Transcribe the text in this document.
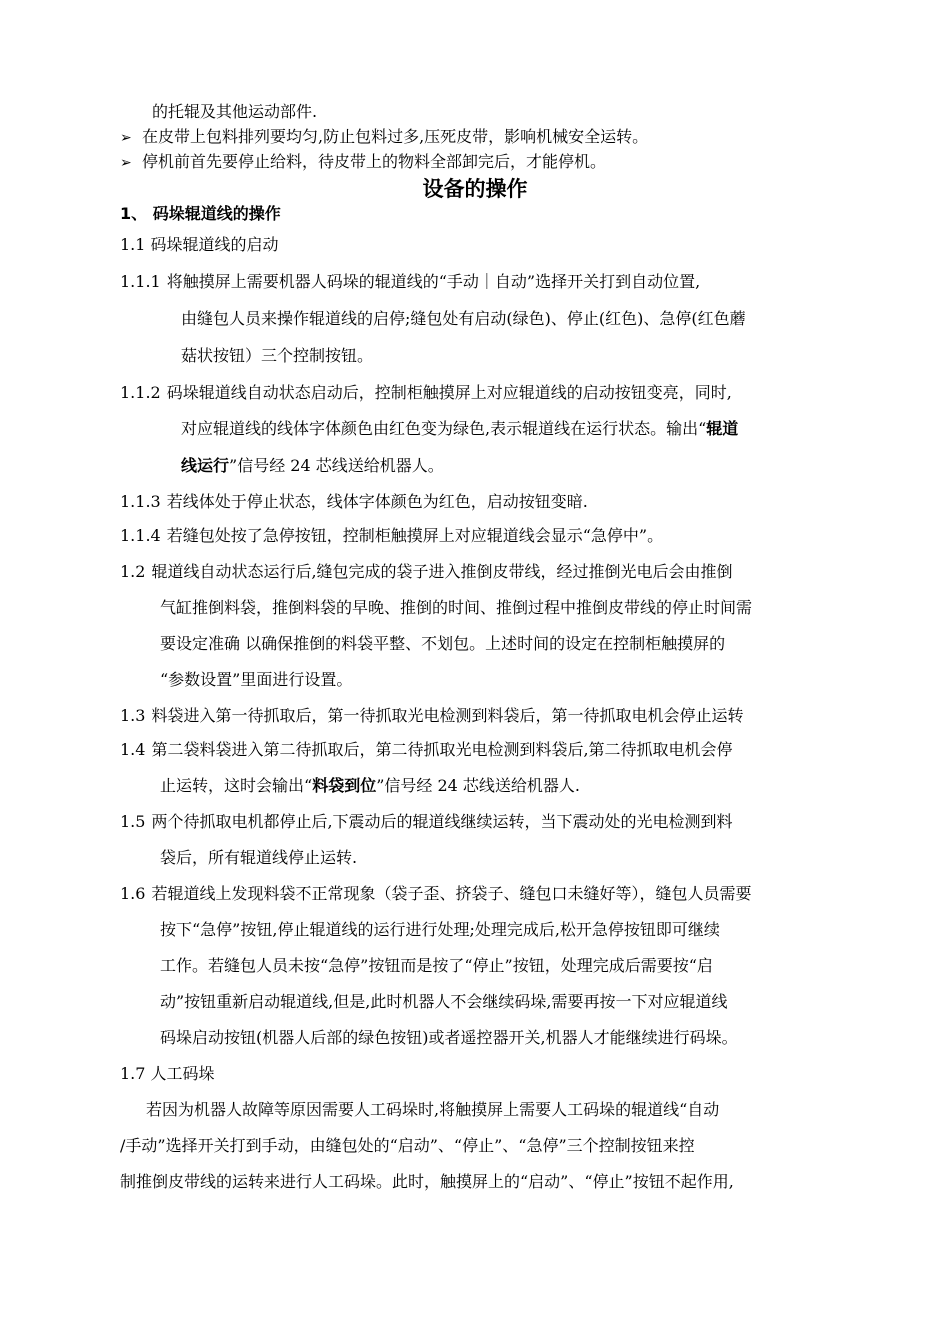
的托辊及其他运动部件.
➢ 在皮带上包料排列要均匀,防止包料过多,压死皮带，影响机械安全运转。
➢ 停机前首先要停止给料，待皮带上的物料全部卸完后，才能停机。
设备的操作
1、 码垛辊道线的操作
1.1 码垛辊道线的启动
1.1.1 将触摸屏上需要机器人码垛的辊道线的“手动｜自动”选择开关打到自动位置,
由缝包人员来操作辊道线的启停;缝包处有启动(绿色)、停止(红色)、急停(红色蘑
菇状按钮）三个控制按钮。
1.1.2 码垛辊道线自动状态启动后，控制柜触摸屏上对应辊道线的启动按钮变亮，同时,
对应辊道线的线体字体颜色由红色变为绿色,表示辊道线在运行状态。输出“辊道
线运行”信号经 24 芯线送给机器人。
1.1.3 若线体处于停止状态，线体字体颜色为红色，启动按钮变暗.
1.1.4 若缝包处按了急停按钮，控制柜触摸屏上对应辊道线会显示“急停中”。
1.2 辊道线自动状态运行后,缝包完成的袋子进入推倒皮带线，经过推倒光电后会由推倒
气缸推倒料袋，推倒料袋的早晚、推倒的时间、推倒过程中推倒皮带线的停止时间需
要设定准确 以确保推倒的料袋平整、不划包。上述时间的设定在控制柜触摸屏的
“参数设置”里面进行设置。
1.3 料袋进入第一待抓取后，第一待抓取光电检测到料袋后，第一待抓取电机会停止运转
1.4 第二袋料袋进入第二待抓取后，第二待抓取光电检测到料袋后,第二待抓取电机会停
止运转，这时会输出“料袋到位”信号经 24 芯线送给机器人.
1.5 两个待抓取电机都停止后,下震动后的辊道线继续运转，当下震动处的光电检测到料
袋后，所有辊道线停止运转.
1.6 若辊道线上发现料袋不正常现象（袋子歪、挤袋子、缝包口未缝好等），缝包人员需要
按下“急停”按钮,停止辊道线的运行进行处理;处理完成后,松开急停按钮即可继续
工作。若缝包人员未按“急停”按钮而是按了“停止”按钮，处理完成后需要按“启
动”按钮重新启动辊道线,但是,此时机器人不会继续码垛,需要再按一下对应辊道线
码垛启动按钮(机器人后部的绿色按钮)或者遥控器开关,机器人才能继续进行码垛。
1.7 人工码垛
若因为机器人故障等原因需要人工码垛时,将触摸屏上需要人工码垛的辊道线“自动
/手动”选择开关打到手动，由缝包处的“启动”、“停止”、“急停”三个控制按钮来控
制推倒皮带线的运转来进行人工码垛。此时，触摸屏上的“启动”、“停止”按钮不起作用,
